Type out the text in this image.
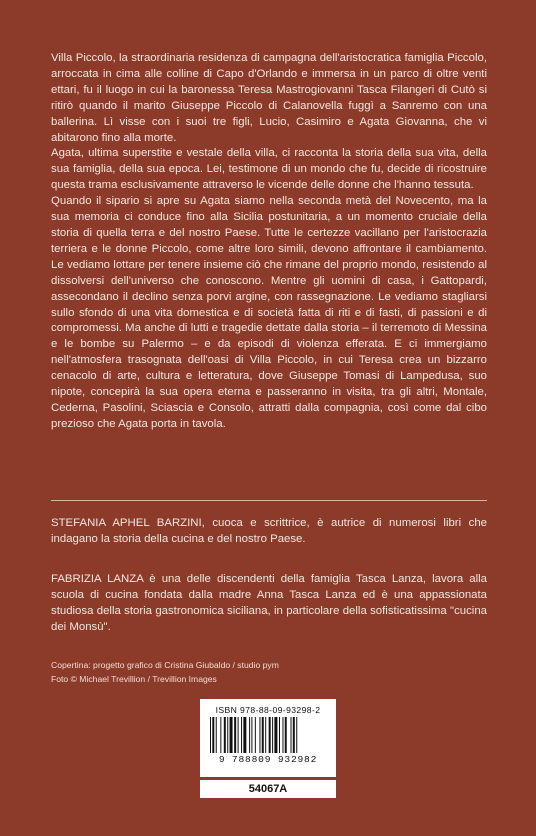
Villa Piccolo, la straordinaria residenza di campagna dell'aristocratica famiglia Piccolo, arroccata in cima alle colline di Capo d'Orlando e immersa in un parco di oltre venti ettari, fu il luogo in cui la baronessa Teresa Mastrogiovanni Tasca Filangeri di Cutò si ritirò quando il marito Giuseppe Piccolo di Calanovella fuggì a Sanremo con una ballerina. Lì visse con i suoi tre figli, Lucio, Casimiro e Agata Giovanna, che vi abitarono fino alla morte.

Agata, ultima superstite e vestale della villa, ci racconta la storia della sua vita, della sua famiglia, della sua epoca. Lei, testimone di un mondo che fu, decide di ricostruire questa trama esclusivamente attraverso le vicende delle donne che l'hanno tessuta.

Quando il sipario si apre su Agata siamo nella seconda metà del Novecento, ma la sua memoria ci conduce fino alla Sicilia postunitaria, a un momento cruciale della storia di quella terra e del nostro Paese. Tutte le certezze vacillano per l'aristocrazia terriera e le donne Piccolo, come altre loro simili, devono affrontare il cambiamento. Le vediamo lottare per tenere insieme ciò che rimane del proprio mondo, resistendo al dissolversi dell'universo che conoscono. Mentre gli uomini di casa, i Gattopardi, assecondano il declino senza porvi argine, con rassegnazione. Le vediamo stagliarsi sullo sfondo di una vita domestica e di società fatta di riti e di fasti, di passioni e di compromessi. Ma anche di lutti e tragedie dettate dalla storia – il terremoto di Messina e le bombe su Palermo – e da episodi di violenza efferata. E ci immergiamo nell'atmosfera trasognata dell'oasi di Villa Piccolo, in cui Teresa crea un bizzarro cenacolo di arte, cultura e letteratura, dove Giuseppe Tomasi di Lampedusa, suo nipote, concepirà la sua opera eterna e passeranno in visita, tra gli altri, Montale, Cederna, Pasolini, Sciascia e Consolo, attratti dalla compagnia, così come dal cibo prezioso che Agata porta in tavola.

STEFANIA APHEL BARZINI, cuoca e scrittrice, è autrice di numerosi libri che indagano la storia della cucina e del nostro Paese.

FABRIZIA LANZA è una delle discendenti della famiglia Tasca Lanza, lavora alla scuola di cucina fondata dalla madre Anna Tasca Lanza ed è una appassionata studiosa della storia gastronomica siciliana, in particolare della sofisticatissima "cucina dei Monsù".

Copertina: progetto grafico di Cristina Giubaldo / studio pym
Foto © Michael Trevillion / Trevillion Images
ISBN 978-88-09-93298-2
9 788809 932982
54067A
